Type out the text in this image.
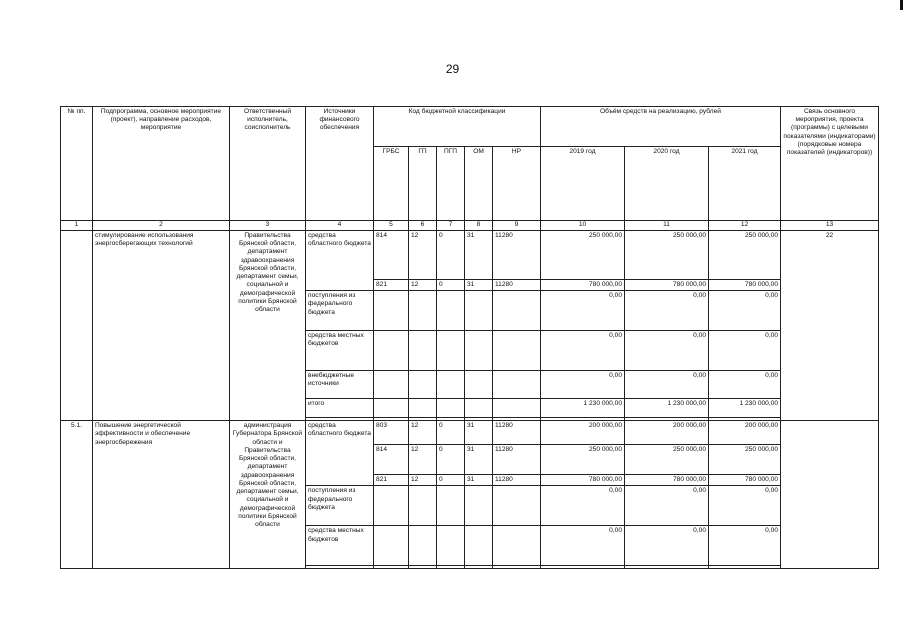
29
№ пп.	Подпрограмма, основное мероприятие (проект), направление расходов, мероприятие	Ответственный исполнитель, соисполнитель	Источники финансового обеспечения	Код бюджетной классификации					Объём средств на реализацию, рублей			Связь основного мероприятия, проекта (программы) с целевыми показателями (индикаторами) (порядковые номера показателей (индикаторов))
				ГРБС	ГП	ПГП	ОМ	НР	2019 год	2020 год	2021 год	
1	2	3	4	5	6	7	8	9	10	11	12	13
	стимулирование использования энергосберегающих технологий	Правительства Брянской области, департамент здравоохранения Брянской области, департамент семьи, социальной и демографической политики Брянской области	средства областного бюджета	814	12	0	31	11280	250 000,00	250 000,00	250 000,00	22
				821	12	0	31	11280	780 000,00	780 000,00	780 000,00	
			поступления из федерального бюджета						0,00	0,00	0,00	
			средства местных бюджетов						0,00	0,00	0,00	
			внебюджетные источники						0,00	0,00	0,00	
			итого						1 230 000,00	1 230 000,00	1 230 000,00	

5.1.	Повышение энергетической эффективности и обеспечение энергосбережения	администрация Губернатора Брянской области и Правительства Брянской области, департамент здравоохранения Брянской области, департамент семьи, социальной и демографической политики Брянской области	средства областного бюджета	803	12	0	31	11280	200 000,00	200 000,00	200 000,00	
				814	12	0	31	11280	250 000,00	250 000,00	250 000,00	
				821	12	0	31	11280	780 000,00	780 000,00	780 000,00	
			поступления из федерального бюджета						0,00	0,00	0,00	
			средства местных бюджетов						0,00	0,00	0,00	
